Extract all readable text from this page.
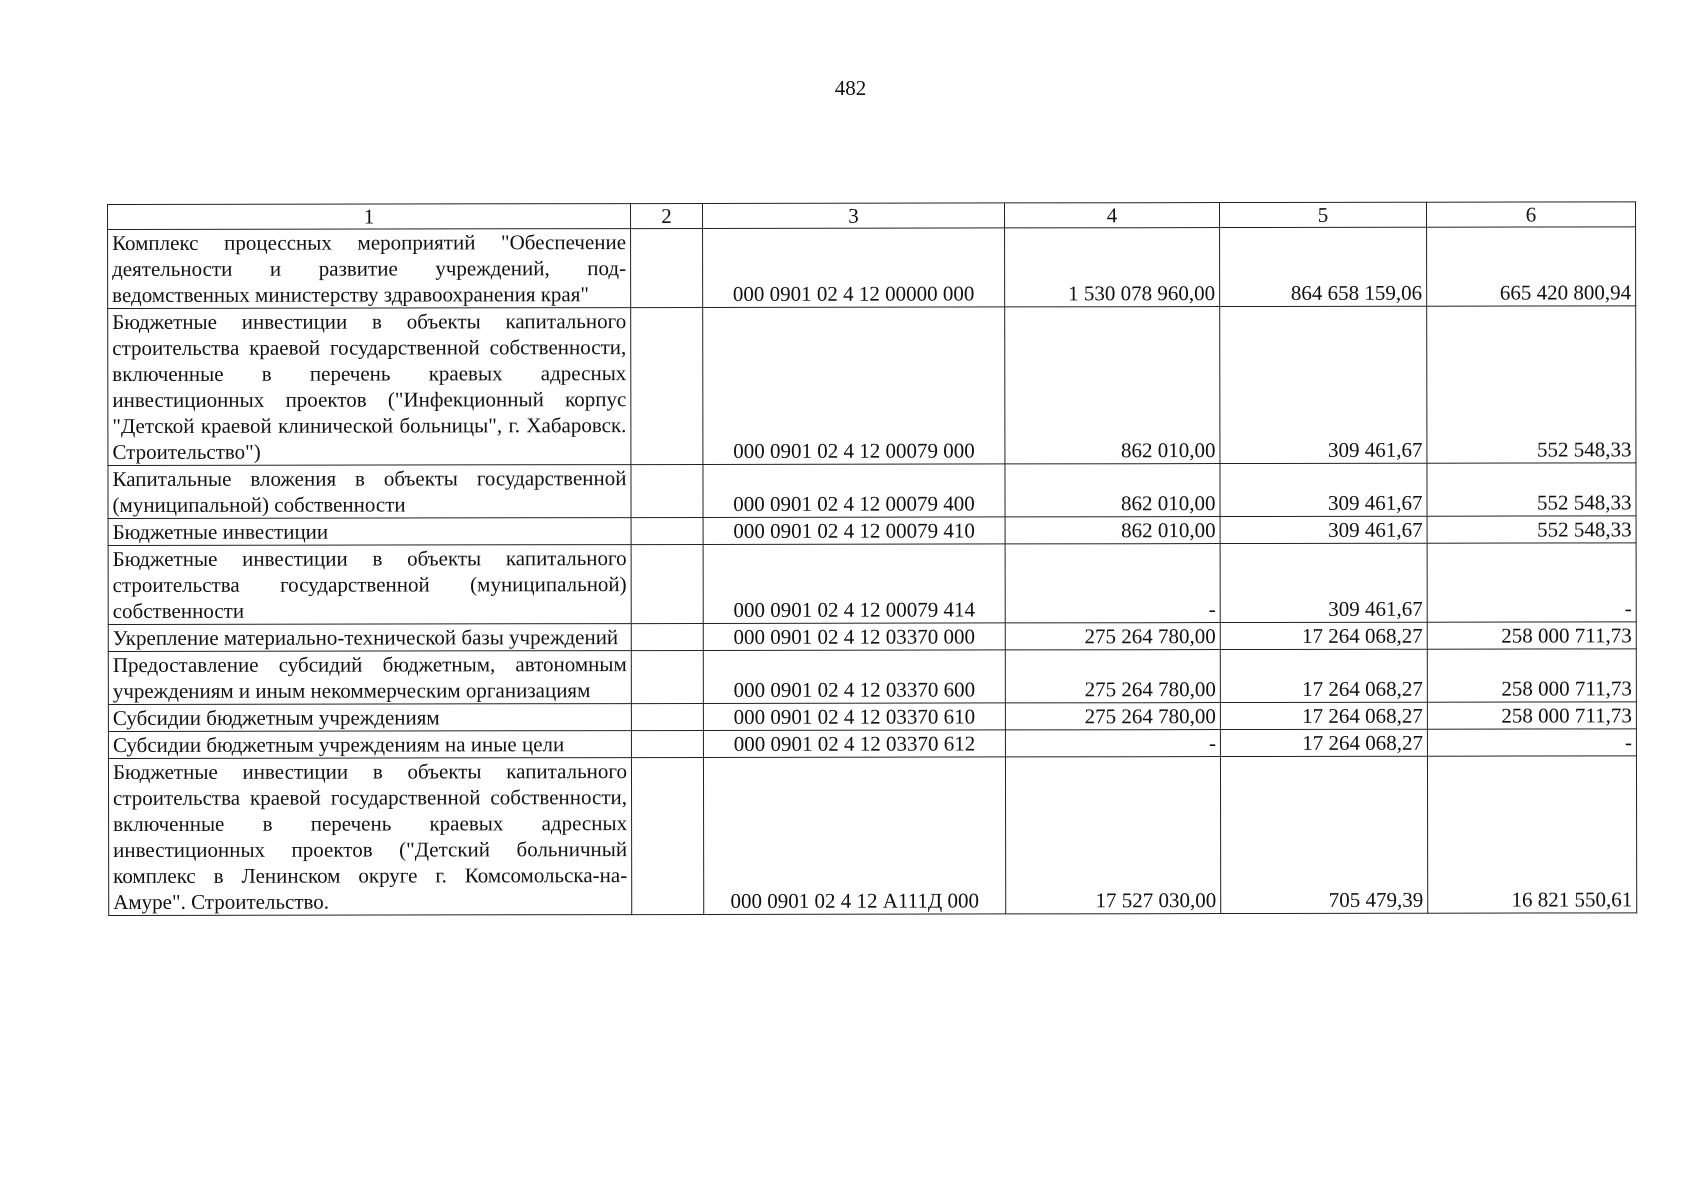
482
1	2	3	4	5	6
Комплекс процессных мероприятий "Обеспечение деятельности и развитие учреждений, подведомственных министерству здравоохранения края"		000 0901 02 4 12 00000 000	1 530 078 960,00	864 658 159,06	665 420 800,94
Бюджетные инвестиции в объекты капитального строительства краевой государственной собственности, включенные в перечень краевых адресных инвестиционных проектов ("Инфекционный корпус "Детской краевой клинической больницы", г. Хабаровск. Строительство")		000 0901 02 4 12 00079 000	862 010,00	309 461,67	552 548,33
Капитальные вложения в объекты государственной (муниципальной) собственности		000 0901 02 4 12 00079 400	862 010,00	309 461,67	552 548,33
Бюджетные инвестиции		000 0901 02 4 12 00079 410	862 010,00	309 461,67	552 548,33
Бюджетные инвестиции в объекты капитального строительства государственной (муниципальной) собственности		000 0901 02 4 12 00079 414	-	309 461,67	-
Укрепление материально-технической базы учреждений		000 0901 02 4 12 03370 000	275 264 780,00	17 264 068,27	258 000 711,73
Предоставление субсидий бюджетным, автономным учреждениям и иным некоммерческим организациям		000 0901 02 4 12 03370 600	275 264 780,00	17 264 068,27	258 000 711,73
Субсидии бюджетным учреждениям		000 0901 02 4 12 03370 610	275 264 780,00	17 264 068,27	258 000 711,73
Субсидии бюджетным учреждениям на иные цели		000 0901 02 4 12 03370 612	-	17 264 068,27	-
Бюджетные инвестиции в объекты капитального строительства краевой государственной собственности, включенные в перечень краевых адресных инвестиционных проектов ("Детский больничный комплекс в Ленинском округе г. Комсомольска-на-Амуре". Строительство.		000 0901 02 4 12 А111Д 000	17 527 030,00	705 479,39	16 821 550,61
